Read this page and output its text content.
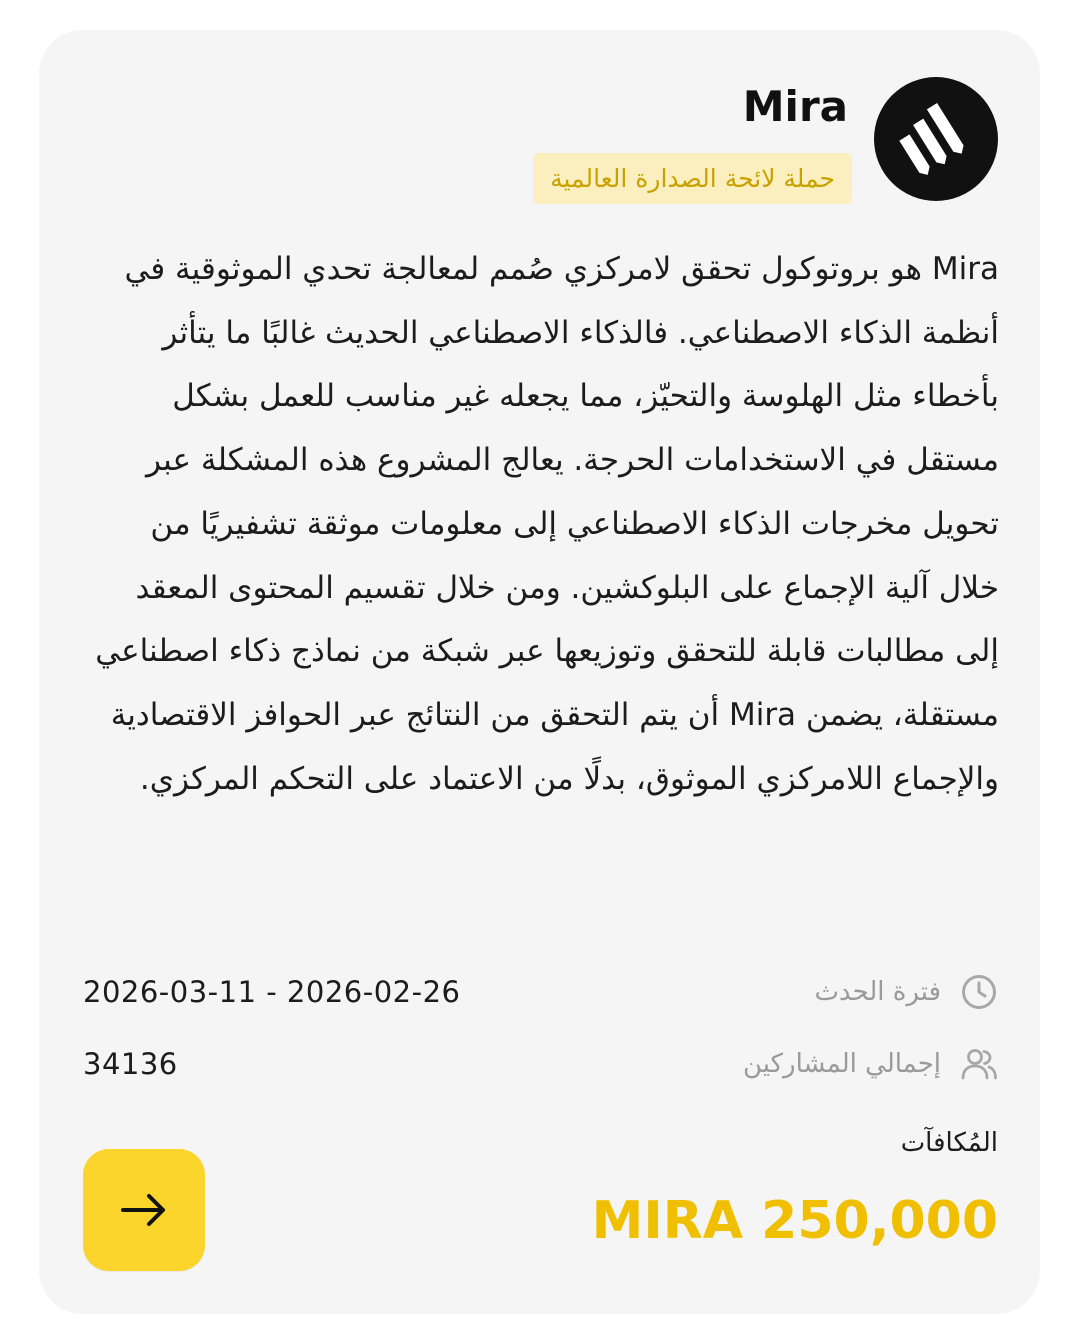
Mira
حملة لائحة الصدارة العالمية

Mira هو بروتوكول تحقق لامركزي صُمم لمعالجة تحدي الموثوقية في أنظمة الذكاء الاصطناعي. فالذكاء الاصطناعي الحديث غالبًا ما يتأثر بأخطاء مثل الهلوسة والتحيّز، مما يجعله غير مناسب للعمل بشكل مستقل في الاستخدامات الحرجة. يعالج المشروع هذه المشكلة عبر تحويل مخرجات الذكاء الاصطناعي إلى معلومات موثقة تشفيريًا من خلال آلية الإجماع على البلوكشين. ومن خلال تقسيم المحتوى المعقد إلى مطالبات قابلة للتحقق وتوزيعها عبر شبكة من نماذج ذكاء اصطناعي مستقلة، يضمن Mira أن يتم التحقق من النتائج عبر الحوافز الاقتصادية والإجماع اللامركزي الموثوق، بدلًا من الاعتماد على التحكم المركزي.

2026-03-11 - 2026-02-26	فترة الحدث
34136	إجمالي المشاركين
المُكافآت
MIRA 250,000
